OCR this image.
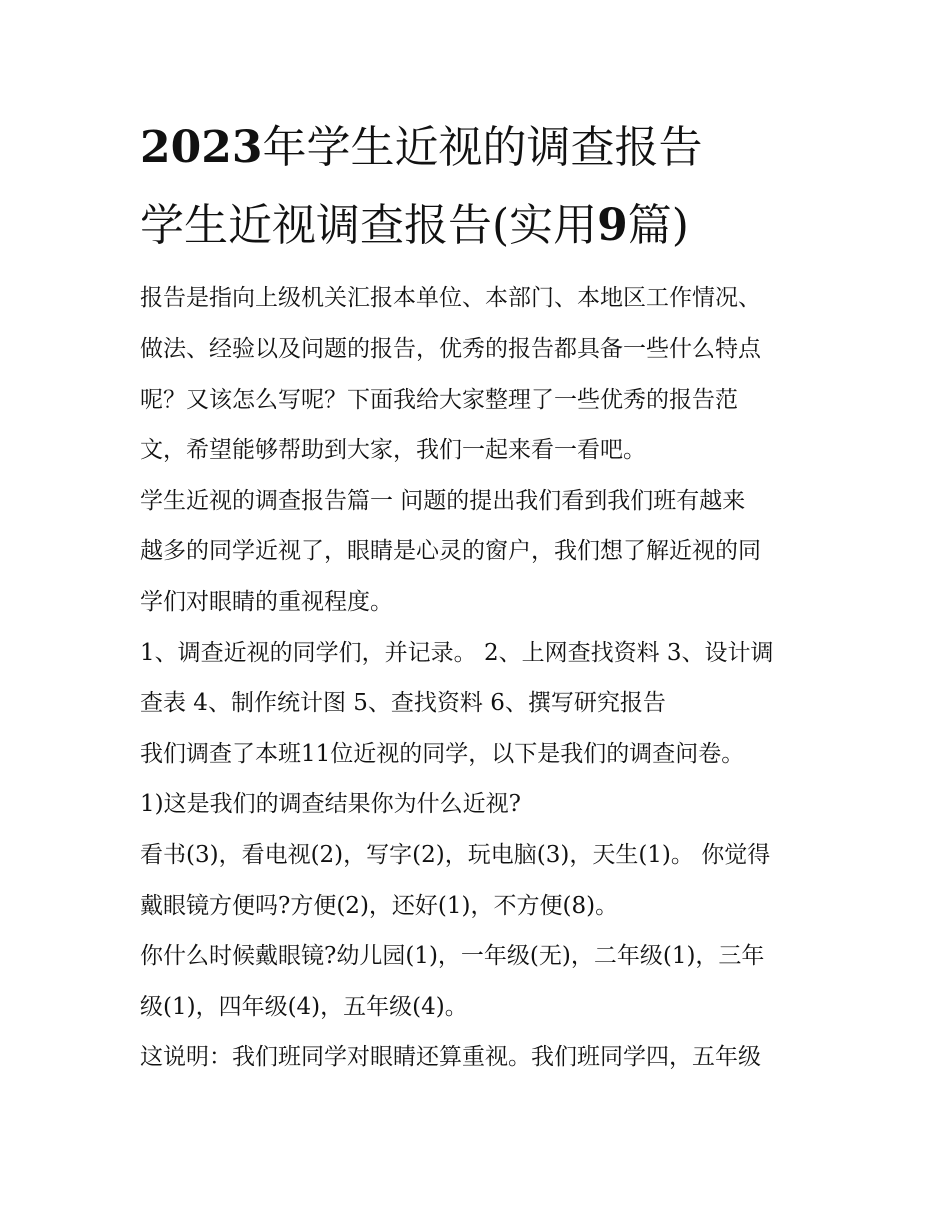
2023年学生近视的调查报告
学生近视调查报告(实用9篇)

报告是指向上级机关汇报本单位、本部门、本地区工作情况、

做法、经验以及问题的报告，优秀的报告都具备一些什么特点

呢？又该怎么写呢？下面我给大家整理了一些优秀的报告范

文，希望能够帮助到大家，我们一起来看一看吧。

学生近视的调查报告篇一 问题的提出我们看到我们班有越来

越多的同学近视了，眼睛是心灵的窗户，我们想了解近视的同

学们对眼睛的重视程度。

1、调查近视的同学们，并记录。 2、上网查找资料 3、设计调

查表 4、制作统计图 5、查找资料 6、撰写研究报告

我们调查了本班11位近视的同学，以下是我们的调查问卷。

1)这是我们的调查结果你为什么近视?

看书(3)，看电视(2)，写字(2)，玩电脑(3)，天生(1)。 你觉得

戴眼镜方便吗?方便(2)，还好(1)，不方便(8)。

你什么时候戴眼镜?幼儿园(1)，一年级(无)，二年级(1)，三年

级(1)，四年级(4)，五年级(4)。

这说明：我们班同学对眼睛还算重视。我们班同学四，五年级
